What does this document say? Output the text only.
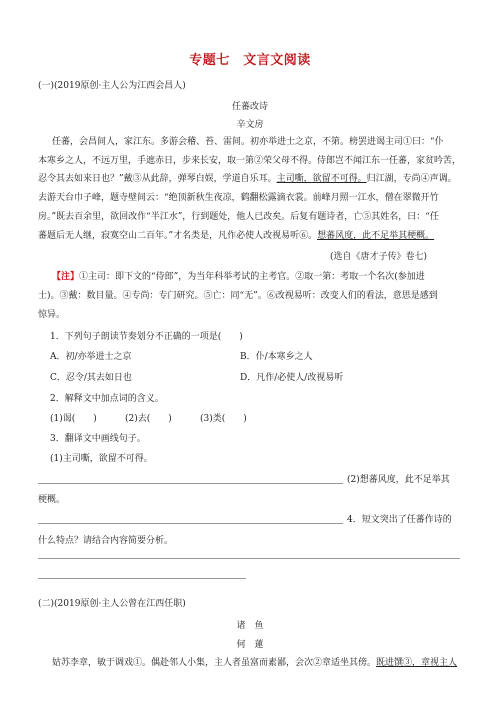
专题七　文言文阅读
(一)(2019原创·主人公为江西会昌人)
任蕃改诗
辛文房
任蕃，会昌间人，家江东。多游会稽、苔、雷间。初亦举进士之京，不第。榜罢进谒主司①曰：“仆
本寒乡之人，不远万里，手遮赤日，步来长安，取一第②荣父母不得。侍郎岂不闻江东一任蕃，家贫吟苦，
忍令其去如来日也？”戴③从此辞，弹琴白娱，学道自乐耳。主司嘶，欲留不可得。归江湖，专尚④声调。
去游天台巾子峰，题寺壁间云：“绝顶新秋生夜凉，鹤翻松露滴衣裳。前峰月照一江水，僧在翠微开竹
房。”既去百余里，欲回改作“半江水”，行到题处，他人已改矣。后复有题诗者，亡⑤其姓名，曰：“任
蕃题后无人继，寂寞空山二百年。”才名类是，凡作必使人改视易听⑥。想蕃风度，此不足举其梗概。
(选自《唐才子传》卷七)
【注】①主司：即下文的“侍郎”，为当年科举考试的主考官。②取一第：考取一个名次(参加进
士)。③戴：数目量。④专尚：专门研究。⑤亡：同“无”。⑥改视易听：改变人们的看法，意思是感到
惊异。
1．下列句子朗读节奏划分不正确的一项是(　　)
A．初/亦举进士之京	B．仆/本寒乡之人
C．忍令/其去如日也	D．凡作/必使人/改视易听
2．解释文中加点词的含义。
(1)谒(　　)	(2)去(　　)	(3)类(　　)
3．翻译文中画线句子。
(1)主司嘶，欲留不可得。
(2)想蕃风度，此不足举其
梗概。
4．短文突出了任蕃作诗的
什么特点？请结合内容简要分析。
(二)(2019原创·主人公曾在江西任职)
诸　鱼
何　蓮
姑苏李章，敏于调戏①。偶赴邻人小集，主人者虽富而素鄙，会次②章适坐其傍。既进馔③，章视主人
